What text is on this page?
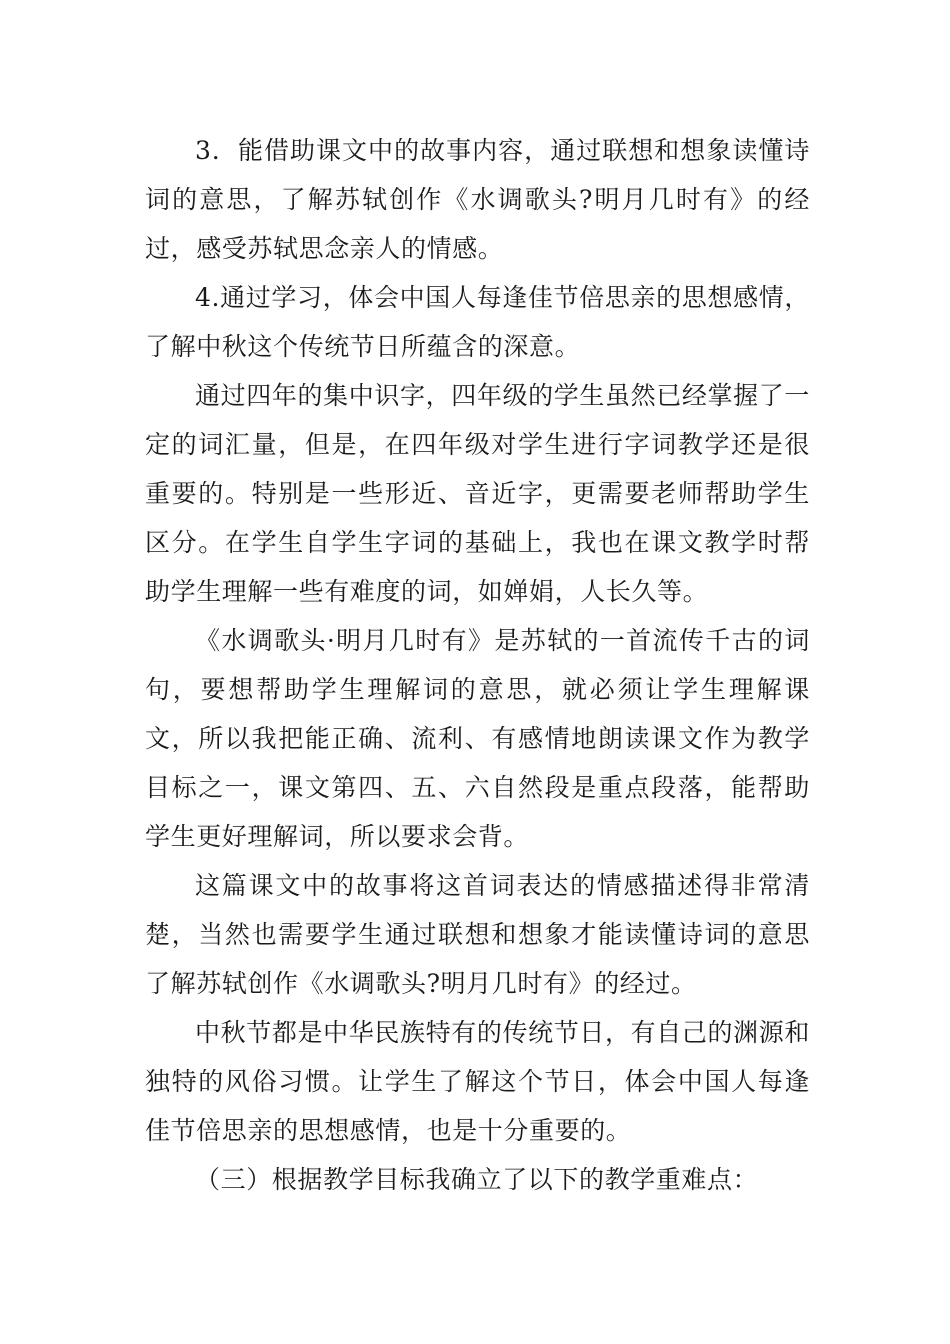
3．能借助课文中的故事内容，通过联想和想象读懂诗词的意思，了解苏轼创作《水调歌头?明月几时有》的经过，感受苏轼思念亲人的情感。

4.通过学习，体会中国人每逢佳节倍思亲的思想感情，了解中秋这个传统节日所蕴含的深意。

通过四年的集中识字，四年级的学生虽然已经掌握了一定的词汇量，但是，在四年级对学生进行字词教学还是很重要的。特别是一些形近、音近字，更需要老师帮助学生区分。在学生自学生字词的基础上，我也在课文教学时帮助学生理解一些有难度的词，如婵娟，人长久等。

《水调歌头·明月几时有》是苏轼的一首流传千古的词句，要想帮助学生理解词的意思，就必须让学生理解课文，所以我把能正确、流利、有感情地朗读课文作为教学目标之一，课文第四、五、六自然段是重点段落，能帮助学生更好理解词，所以要求会背。

这篇课文中的故事将这首词表达的情感描述得非常清楚，当然也需要学生通过联想和想象才能读懂诗词的意思了解苏轼创作《水调歌头?明月几时有》的经过。

中秋节都是中华民族特有的传统节日，有自己的渊源和独特的风俗习惯。让学生了解这个节日，体会中国人每逢佳节倍思亲的思想感情，也是十分重要的。

（三）根据教学目标我确立了以下的教学重难点：
